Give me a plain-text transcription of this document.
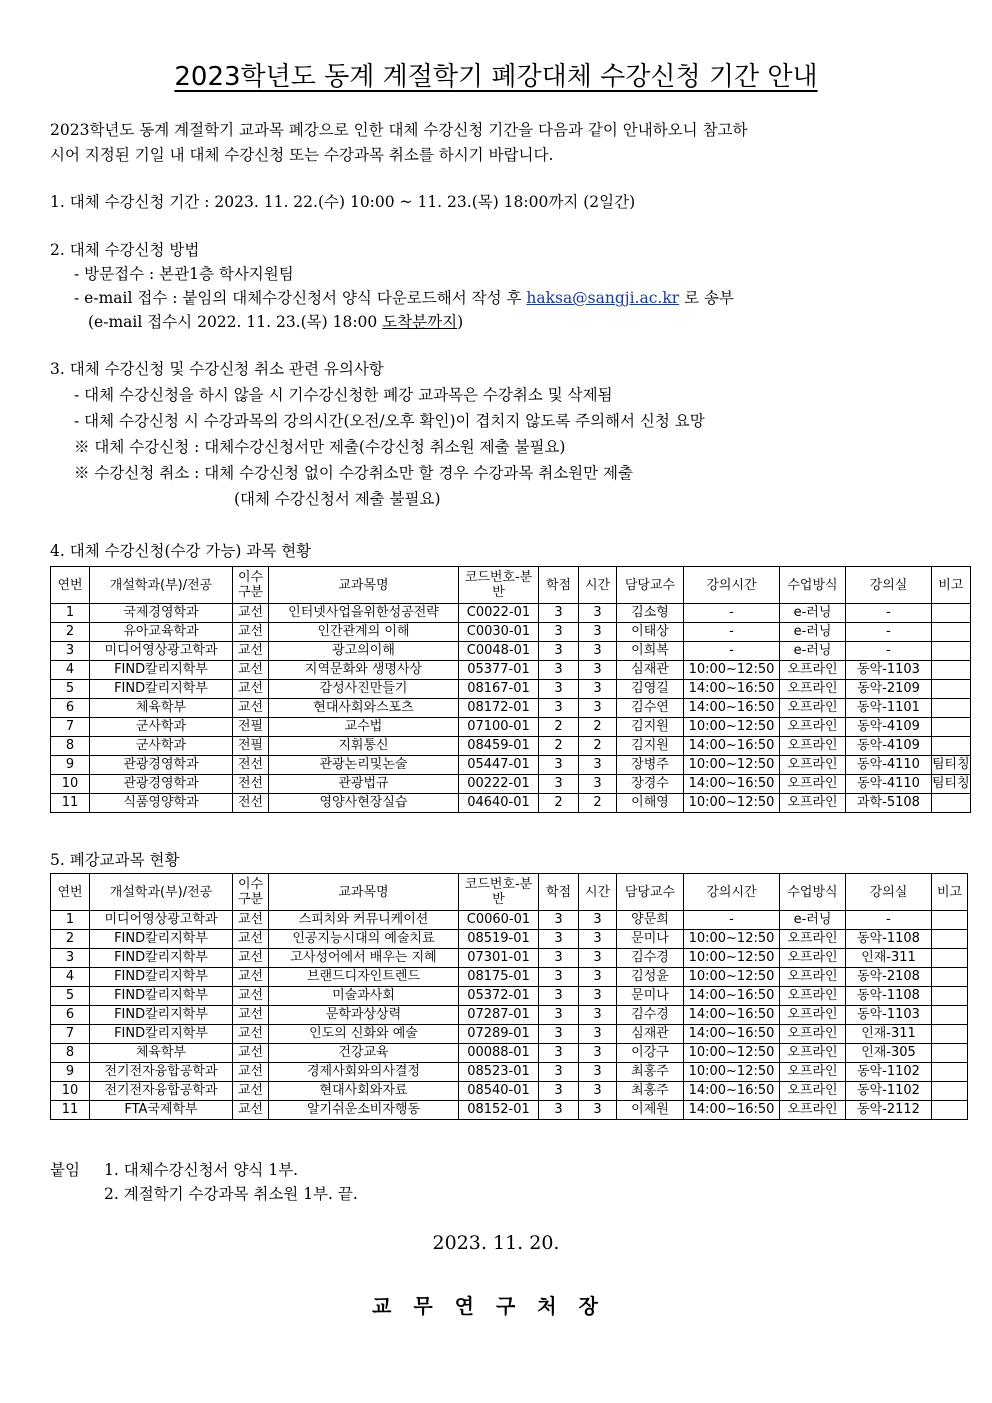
2023학년도 동계 계절학기 폐강대체 수강신청 기간 안내
2023학년도 동계 계절학기 교과목 폐강으로 인한 대체 수강신청 기간을 다음과 같이 안내하오니 참고하
시어 지정된 기일 내 대체 수강신청 또는 수강과목 취소를 하시기 바랍니다.
1. 대체 수강신청 기간 : 2023. 11. 22.(수) 10:00 ~ 11. 23.(목) 18:00까지 (2일간)
2. 대체 수강신청 방법
- 방문접수 : 본관1층 학사지원팀
- e-mail 접수 : 붙임의 대체수강신청서 양식 다운로드해서 작성 후 haksa@sangji.ac.kr 로 송부
(e-mail 접수시 2022. 11. 23.(목) 18:00 도착분까지)
3. 대체 수강신청 및 수강신청 취소 관련 유의사항
- 대체 수강신청을 하시 않을 시 기수강신청한 폐강 교과목은 수강취소 및 삭제됨
- 대체 수강신청 시 수강과목의 강의시간(오전/오후 확인)이 겹치지 않도록 주의해서 신청 요망
※ 대체 수강신청 : 대체수강신청서만 제출(수강신청 취소원 제출 불필요)
※ 수강신청 취소 : 대체 수강신청 없이 수강취소만 할 경우 수강과목 취소원만 제출
(대체 수강신청서 제출 불필요)
4. 대체 수강신청(수강 가능) 과목 현황
연번	개설학과(부)/전공	이수구분	교과목명	코드번호-분반	학점	시간	담당교수	강의시간	수업방식	강의실	비고
1	국제경영학과	교선	인터넷사업을위한성공전략	C0022-01	3	3	김소형	-	e-러닝	-	
2	유아교육학과	교선	인간관계의 이해	C0030-01	3	3	이태상	-	e-러닝	-	
3	미디어영상광고학과	교선	광고의이해	C0048-01	3	3	이희복	-	e-러닝	-	
4	FIND칼리지학부	교선	지역문화와 생명사상	05377-01	3	3	심재관	10:00~12:50	오프라인	동악-1103	
5	FIND칼리지학부	교선	감성사진만들기	08167-01	3	3	김영길	14:00~16:50	오프라인	동악-2109	
6	체육학부	교선	현대사회와스포츠	08172-01	3	3	김수연	14:00~16:50	오프라인	동악-1101	
7	군사학과	전필	교수법	07100-01	2	2	김지원	10:00~12:50	오프라인	동악-4109	
8	군사학과	전필	지휘통신	08459-01	2	2	김지원	14:00~16:50	오프라인	동악-4109	
9	관광경영학과	전선	관광논리및논술	05447-01	3	3	장병주	10:00~12:50	오프라인	동악-4110	팀티칭
10	관광경영학과	전선	관광법규	00222-01	3	3	장경수	14:00~16:50	오프라인	동악-4110	팀티칭
11	식품영양학과	전선	영양사현장실습	04640-01	2	2	이해영	10:00~12:50	오프라인	과학-5108	
5. 폐강교과목 현황
연번	개설학과(부)/전공	이수구분	교과목명	코드번호-분반	학점	시간	담당교수	강의시간	수업방식	강의실	비고
1	미디어영상광고학과	교선	스피치와 커뮤니케이션	C0060-01	3	3	양문희	-	e-러닝	-	
2	FIND칼리지학부	교선	인공지능시대의 예술치료	08519-01	3	3	문미나	10:00~12:50	오프라인	동악-1108	
3	FIND칼리지학부	교선	고사성어에서 배우는 지혜	07301-01	3	3	김수경	10:00~12:50	오프라인	인재-311	
4	FIND칼리지학부	교선	브랜드디자인트렌드	08175-01	3	3	김성윤	10:00~12:50	오프라인	동악-2108	
5	FIND칼리지학부	교선	미술과사회	05372-01	3	3	문미나	14:00~16:50	오프라인	동악-1108	
6	FIND칼리지학부	교선	문학과상상력	07287-01	3	3	김수경	14:00~16:50	오프라인	동악-1103	
7	FIND칼리지학부	교선	인도의 신화와 예술	07289-01	3	3	심재관	14:00~16:50	오프라인	인재-311	
8	체육학부	교선	건강교육	00088-01	3	3	이강구	10:00~12:50	오프라인	인재-305	
9	전기전자융합공학과	교선	경제사회와의사결정	08523-01	3	3	최홍주	10:00~12:50	오프라인	동악-1102	
10	전기전자융합공학과	교선	현대사회와자료	08540-01	3	3	최홍주	14:00~16:50	오프라인	동악-1102	
11	FTA국제학부	교선	알기쉬운소비자행동	08152-01	3	3	이제원	14:00~16:50	오프라인	동악-2112	
붙임 1. 대체수강신청서 양식 1부.
2. 계절학기 수강과목 취소원 1부. 끝.
2023. 11. 20.
교무연구처장
